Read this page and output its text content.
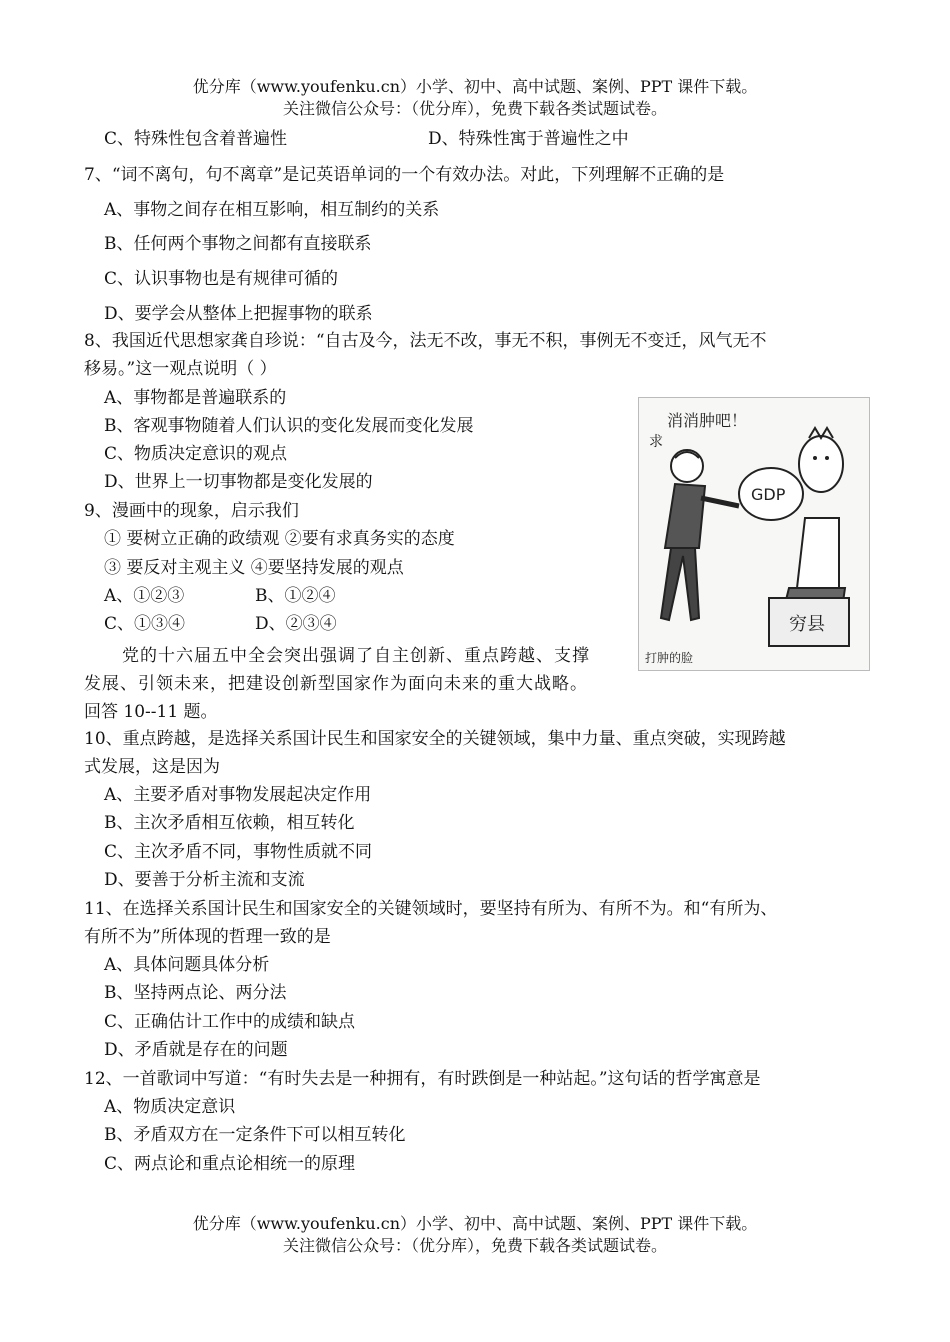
优分库（www.youfenku.cn）小学、初中、高中试题、案例、PPT 课件下载。
关注微信公众号：（优分库），免费下载各类试题试卷。
C、特殊性包含着普遍性	D、特殊性寓于普遍性之中
7、“词不离句，句不离章”是记英语单词的一个有效办法。对此，下列理解不正确的是
A、事物之间存在相互影响，相互制约的关系
B、任何两个事物之间都有直接联系
C、认识事物也是有规律可循的
D、要学会从整体上把握事物的联系
8、我国近代思想家龚自珍说：“自古及今，法无不改，事无不积，事例无不变迁，风气无不
移易。”这一观点说明（ ）
A、事物都是普遍联系的
B、客观事物随着人们认识的变化发展而变化发展
C、物质决定意识的观点
D、世界上一切事物都是变化发展的
9、漫画中的现象，启示我们
① 要树立正确的政绩观 ②要有求真务实的态度
③ 要反对主观主义 ④要坚持发展的观点
A、①②③	B、①②④
C、①③④	D、②③④
消消肿吧！
求
GDP
穷县
打肿的脸
党的十六届五中全会突出强调了自主创新、重点跨越、支撑
发展、引领未来，把建设创新型国家作为面向未来的重大战略。
回答 10--11 题。
10、重点跨越，是选择关系国计民生和国家安全的关键领域，集中力量、重点突破，实现跨越
式发展，这是因为
A、主要矛盾对事物发展起决定作用
B、主次矛盾相互依赖，相互转化
C、主次矛盾不同，事物性质就不同
D、要善于分析主流和支流
11、在选择关系国计民生和国家安全的关键领域时，要坚持有所为、有所不为。和“有所为、
有所不为”所体现的哲理一致的是
A、具体问题具体分析
B、坚持两点论、两分法
C、正确估计工作中的成绩和缺点
D、矛盾就是存在的问题
12、一首歌词中写道：“有时失去是一种拥有，有时跌倒是一种站起。”这句话的哲学寓意是
A、物质决定意识
B、矛盾双方在一定条件下可以相互转化
C、两点论和重点论相统一的原理
优分库（www.youfenku.cn）小学、初中、高中试题、案例、PPT 课件下载。
关注微信公众号：（优分库），免费下载各类试题试卷。
